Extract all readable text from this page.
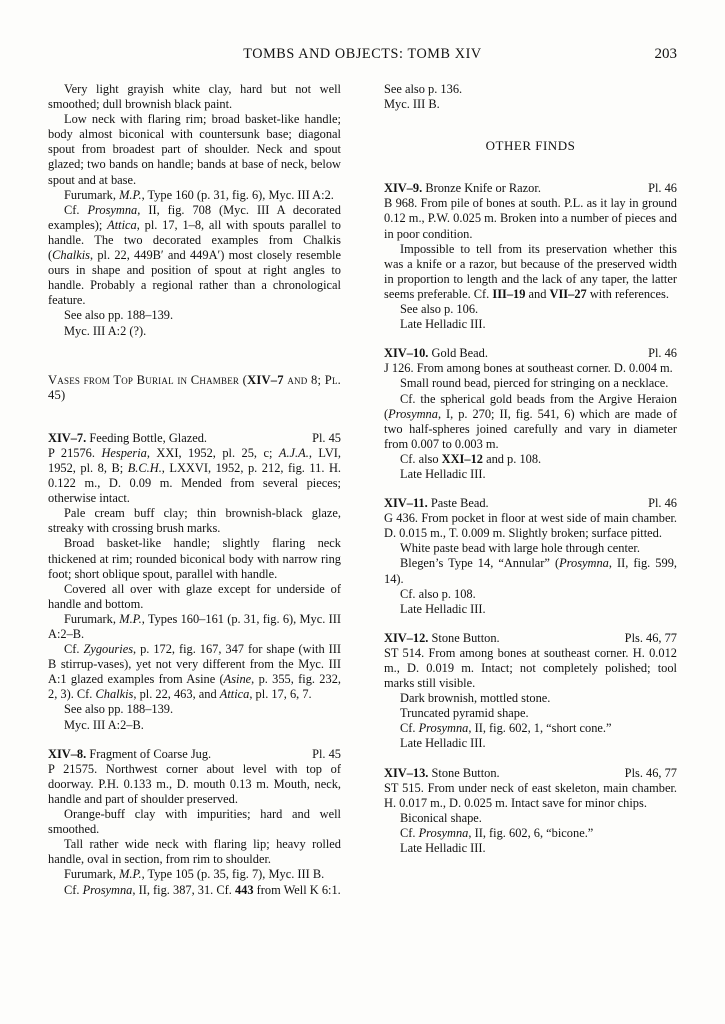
TOMBS AND OBJECTS: TOMB XIV	203

Very light grayish white clay, hard but not well smoothed; dull brownish black paint.

Low neck with flaring rim; broad basket-like handle; body almost biconical with countersunk base; diagonal spout from broadest part of shoulder. Neck and spout glazed; two bands on handle; bands at base of neck, below spout and at base.

Furumark, M.P., Type 160 (p. 31, fig. 6), Myc. III A:2.

Cf. Prosymna, II, fig. 708 (Myc. III A decorated examples); Attica, pl. 17, 1–8, all with spouts parallel to handle. The two decorated examples from Chalkis (Chalkis, pl. 22, 449B′ and 449A′) most closely resemble ours in shape and position of spout at right angles to handle. Probably a regional rather than a chronological feature.

See also pp. 188–139.

Myc. III A:2 (?).

Vases from Top Burial in Chamber (XIV–7 and 8; Pl. 45)

XIV–7. Feeding Bottle, Glazed.	Pl. 45

P 21576. Hesperia, XXI, 1952, pl. 25, c; A.J.A., LVI, 1952, pl. 8, B; B.C.H., LXXVI, 1952, p. 212, fig. 11. H. 0.122 m., D. 0.09 m. Mended from several pieces; otherwise intact.

Pale cream buff clay; thin brownish-black glaze, streaky with crossing brush marks.

Broad basket-like handle; slightly flaring neck thickened at rim; rounded biconical body with narrow ring foot; short oblique spout, parallel with handle.

Covered all over with glaze except for underside of handle and bottom.

Furumark, M.P., Types 160–161 (p. 31, fig. 6), Myc. III A:2–B.

Cf. Zygouries, p. 172, fig. 167, 347 for shape (with III B stirrup-vases), yet not very different from the Myc. III A:1 glazed examples from Asine (Asine, p. 355, fig. 232, 2, 3). Cf. Chalkis, pl. 22, 463, and Attica, pl. 17, 6, 7.

See also pp. 188–139.

Myc. III A:2–B.

XIV–8. Fragment of Coarse Jug.	Pl. 45

P 21575. Northwest corner about level with top of doorway. P.H. 0.133 m., D. mouth 0.13 m. Mouth, neck, handle and part of shoulder preserved.

Orange-buff clay with impurities; hard and well smoothed.

Tall rather wide neck with flaring lip; heavy rolled handle, oval in section, from rim to shoulder.

Furumark, M.P., Type 105 (p. 35, fig. 7), Myc. III B.

Cf. Prosymna, II, fig. 387, 31. Cf. 443 from Well K 6:1.

See also p. 136.

Myc. III B.

OTHER FINDS

XIV–9. Bronze Knife or Razor.	Pl. 46

B 968. From pile of bones at south. P.L. as it lay in ground 0.12 m., P.W. 0.025 m. Broken into a number of pieces and in poor condition.

Impossible to tell from its preservation whether this was a knife or a razor, but because of the preserved width in proportion to length and the lack of any taper, the latter seems preferable. Cf. III–19 and VII–27 with references.

See also p. 106.

Late Helladic III.

XIV–10. Gold Bead.	Pl. 46

J 126. From among bones at southeast corner. D. 0.004 m.

Small round bead, pierced for stringing on a necklace.

Cf. the spherical gold beads from the Argive Heraion (Prosymna, I, p. 270; II, fig. 541, 6) which are made of two half-spheres joined carefully and vary in diameter from 0.007 to 0.003 m.

Cf. also XXI–12 and p. 108.

Late Helladic III.

XIV–11. Paste Bead.	Pl. 46

G 436. From pocket in floor at west side of main chamber. D. 0.015 m., T. 0.009 m. Slightly broken; surface pitted.

White paste bead with large hole through center.

Blegen’s Type 14, “Annular” (Prosymna, II, fig. 599, 14).

Cf. also p. 108.

Late Helladic III.

XIV–12. Stone Button.	Pls. 46, 77

ST 514. From among bones at southeast corner. H. 0.012 m., D. 0.019 m. Intact; not completely polished; tool marks still visible.

Dark brownish, mottled stone.

Truncated pyramid shape.

Cf. Prosymna, II, fig. 602, 1, “short cone.”

Late Helladic III.

XIV–13. Stone Button.	Pls. 46, 77

ST 515. From under neck of east skeleton, main chamber. H. 0.017 m., D. 0.025 m. Intact save for minor chips.

Biconical shape.

Cf. Prosymna, II, fig. 602, 6, “bicone.”

Late Helladic III.
